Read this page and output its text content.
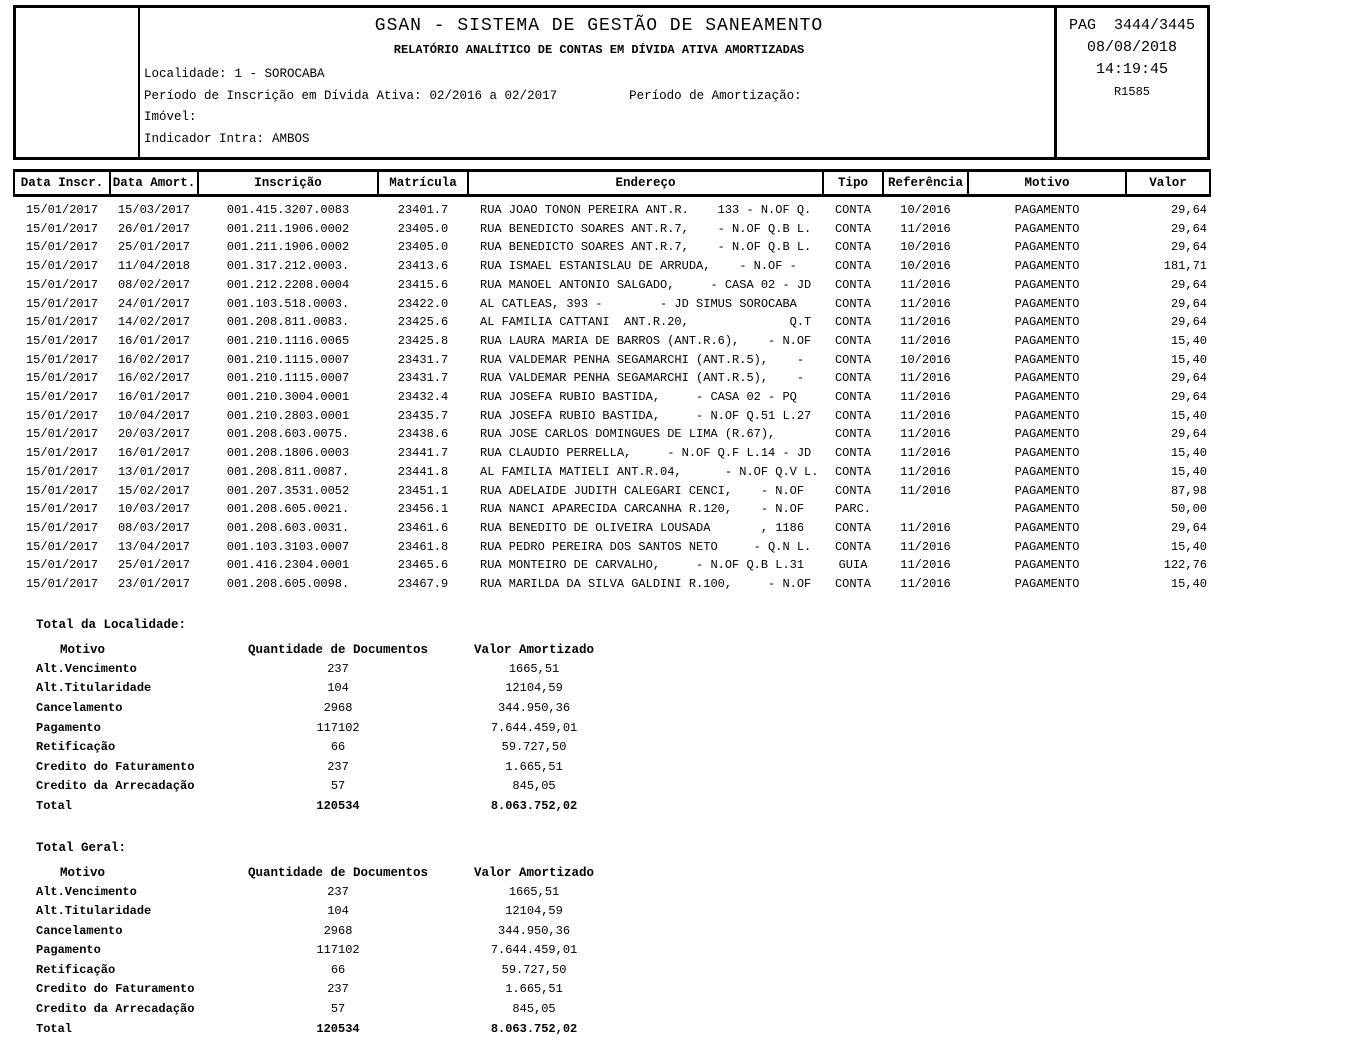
GSAN - SISTEMA DE GESTÃO DE SANEAMENTO
RELATÓRIO ANALÍTICO DE CONTAS EM DÍVIDA ATIVA AMORTIZADAS
Localidade: 1 - SOROCABA
Período de Inscrição em Dívida Ativa: 02/2016 a 02/2017	Período de Amortização:
Imóvel:
Indicador Intra: AMBOS
PAG  3444/3445
08/08/2018
14:19:45
R1585
Data Inscr.	Data Amort.	Inscrição	Matrícula	Endereço	Tipo	Referência	Motivo	Valor
15/01/2017	15/03/2017	001.415.3207.0083	23401.7	RUA JOAO TONON PEREIRA ANT.R.    133 - N.OF Q.	CONTA	10/2016	PAGAMENTO	29,64
15/01/2017	26/01/2017	001.211.1906.0002	23405.0	RUA BENEDICTO SOARES ANT.R.7,    - N.OF Q.B L.	CONTA	11/2016	PAGAMENTO	29,64
15/01/2017	25/01/2017	001.211.1906.0002	23405.0	RUA BENEDICTO SOARES ANT.R.7,    - N.OF Q.B L.	CONTA	10/2016	PAGAMENTO	29,64
15/01/2017	11/04/2018	001.317.212.0003.	23413.6	RUA ISMAEL ESTANISLAU DE ARRUDA,    - N.OF -	CONTA	10/2016	PAGAMENTO	181,71
15/01/2017	08/02/2017	001.212.2208.0004	23415.6	RUA MANOEL ANTONIO SALGADO,     - CASA 02 - JD	CONTA	11/2016	PAGAMENTO	29,64
15/01/2017	24/01/2017	001.103.518.0003.	23422.0	AL CATLEAS, 393 -        - JD SIMUS SOROCABA	CONTA	11/2016	PAGAMENTO	29,64
15/01/2017	14/02/2017	001.208.811.0083.	23425.6	AL FAMILIA CATTANI  ANT.R.20,              Q.T	CONTA	11/2016	PAGAMENTO	29,64
15/01/2017	16/01/2017	001.210.1116.0065	23425.8	RUA LAURA MARIA DE BARROS (ANT.R.6),    - N.OF	CONTA	11/2016	PAGAMENTO	15,40
15/01/2017	16/02/2017	001.210.1115.0007	23431.7	RUA VALDEMAR PENHA SEGAMARCHI (ANT.R.5),    -	CONTA	10/2016	PAGAMENTO	15,40
15/01/2017	16/02/2017	001.210.1115.0007	23431.7	RUA VALDEMAR PENHA SEGAMARCHI (ANT.R.5),    -	CONTA	11/2016	PAGAMENTO	29,64
15/01/2017	16/01/2017	001.210.3004.0001	23432.4	RUA JOSEFA RUBIO BASTIDA,     - CASA 02 - PQ	CONTA	11/2016	PAGAMENTO	29,64
15/01/2017	10/04/2017	001.210.2803.0001	23435.7	RUA JOSEFA RUBIO BASTIDA,     - N.OF Q.51 L.27	CONTA	11/2016	PAGAMENTO	15,40
15/01/2017	20/03/2017	001.208.603.0075.	23438.6	RUA JOSE CARLOS DOMINGUES DE LIMA (R.67),	CONTA	11/2016	PAGAMENTO	29,64
15/01/2017	16/01/2017	001.208.1806.0003	23441.7	RUA CLAUDIO PERRELLA,     - N.OF Q.F L.14 - JD	CONTA	11/2016	PAGAMENTO	15,40
15/01/2017	13/01/2017	001.208.811.0087.	23441.8	AL FAMILIA MATIELI ANT.R.04,      - N.OF Q.V L.	CONTA	11/2016	PAGAMENTO	15,40
15/01/2017	15/02/2017	001.207.3531.0052	23451.1	RUA ADELAIDE JUDITH CALEGARI CENCI,    - N.OF	CONTA	11/2016	PAGAMENTO	87,98
15/01/2017	10/03/2017	001.208.605.0021.	23456.1	RUA NANCI APARECIDA CARCANHA R.120,    - N.OF	PARC.		PAGAMENTO	50,00
15/01/2017	08/03/2017	001.208.603.0031.	23461.6	RUA BENEDITO DE OLIVEIRA LOUSADA       , 1186	CONTA	11/2016	PAGAMENTO	29,64
15/01/2017	13/04/2017	001.103.3103.0007	23461.8	RUA PEDRO PEREIRA DOS SANTOS NETO     - Q.N L.	CONTA	11/2016	PAGAMENTO	15,40
15/01/2017	25/01/2017	001.416.2304.0001	23465.6	RUA MONTEIRO DE CARVALHO,     - N.OF Q.B L.31	GUIA	11/2016	PAGAMENTO	122,76
15/01/2017	23/01/2017	001.208.605.0098.	23467.9	RUA MARILDA DA SILVA GALDINI R.100,     - N.OF	CONTA	11/2016	PAGAMENTO	15,40
Total da Localidade:
Motivo	Quantidade de Documentos	Valor Amortizado
Alt.Vencimento	237	1665,51
Alt.Titularidade	104	12104,59
Cancelamento	2968	344.950,36
Pagamento	117102	7.644.459,01
Retificação	66	59.727,50
Credito do Faturamento	237	1.665,51
Credito da Arrecadação	57	845,05
Total	120534	8.063.752,02
Total Geral:
Motivo	Quantidade de Documentos	Valor Amortizado
Alt.Vencimento	237	1665,51
Alt.Titularidade	104	12104,59
Cancelamento	2968	344.950,36
Pagamento	117102	7.644.459,01
Retificação	66	59.727,50
Credito do Faturamento	237	1.665,51
Credito da Arrecadação	57	845,05
Total	120534	8.063.752,02
